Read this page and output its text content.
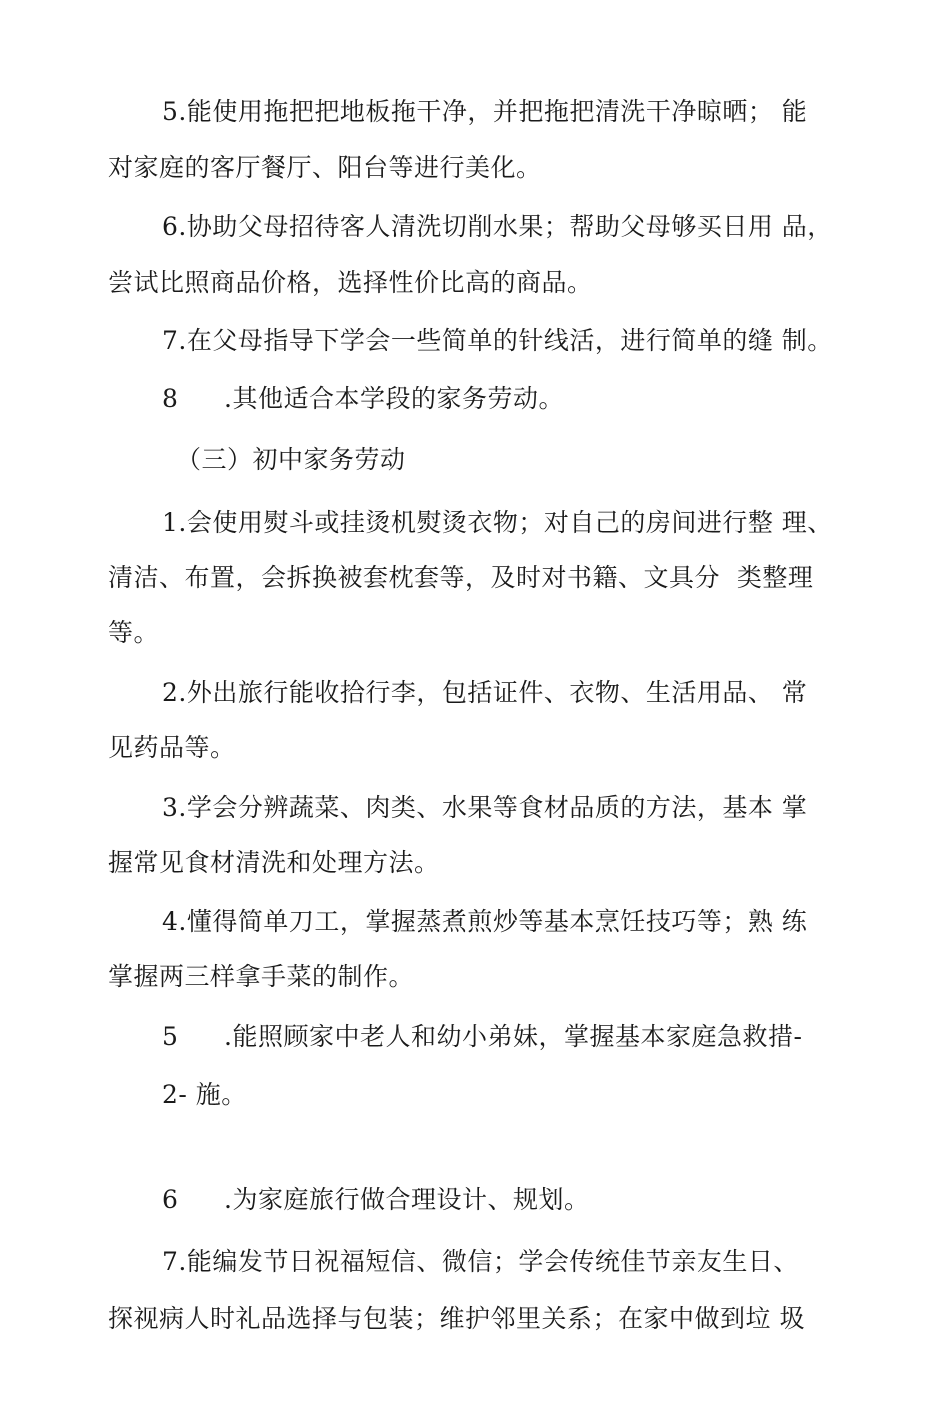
5.能使用拖把把地板拖干净，并把拖把清洗干净晾晒； 能
对家庭的客厅餐厅、阳台等进行美化。
6.协助父母招待客人清洗切削水果；帮助父母够买日用 品，
尝试比照商品价格，选择性价比高的商品。
7.在父母指导下学会一些简单的针线活，进行简单的缝 制。
8 .其他适合本学段的家务劳动。
（三）初中家务劳动
1.会使用熨斗或挂烫机熨烫衣物；对自己的房间进行整 理、
清洁、布置，会拆换被套枕套等，及时对书籍、文具分  类整理
等。
2.外出旅行能收拾行李，包括证件、衣物、生活用品、 常
见药品等。
3.学会分辨蔬菜、肉类、水果等食材品质的方法，基本 掌
握常见食材清洗和处理方法。
4.懂得简单刀工，掌握蒸煮煎炒等基本烹饪技巧等；熟 练
掌握两三样拿手菜的制作。
5 .能照顾家中老人和幼小弟妹，掌握基本家庭急救措-
2- 施。
6 .为家庭旅行做合理设计、规划。
7.能编发节日祝福短信、微信；学会传统佳节亲友生日、
探视病人时礼品选择与包装；维护邻里关系；在家中做到垃 圾
